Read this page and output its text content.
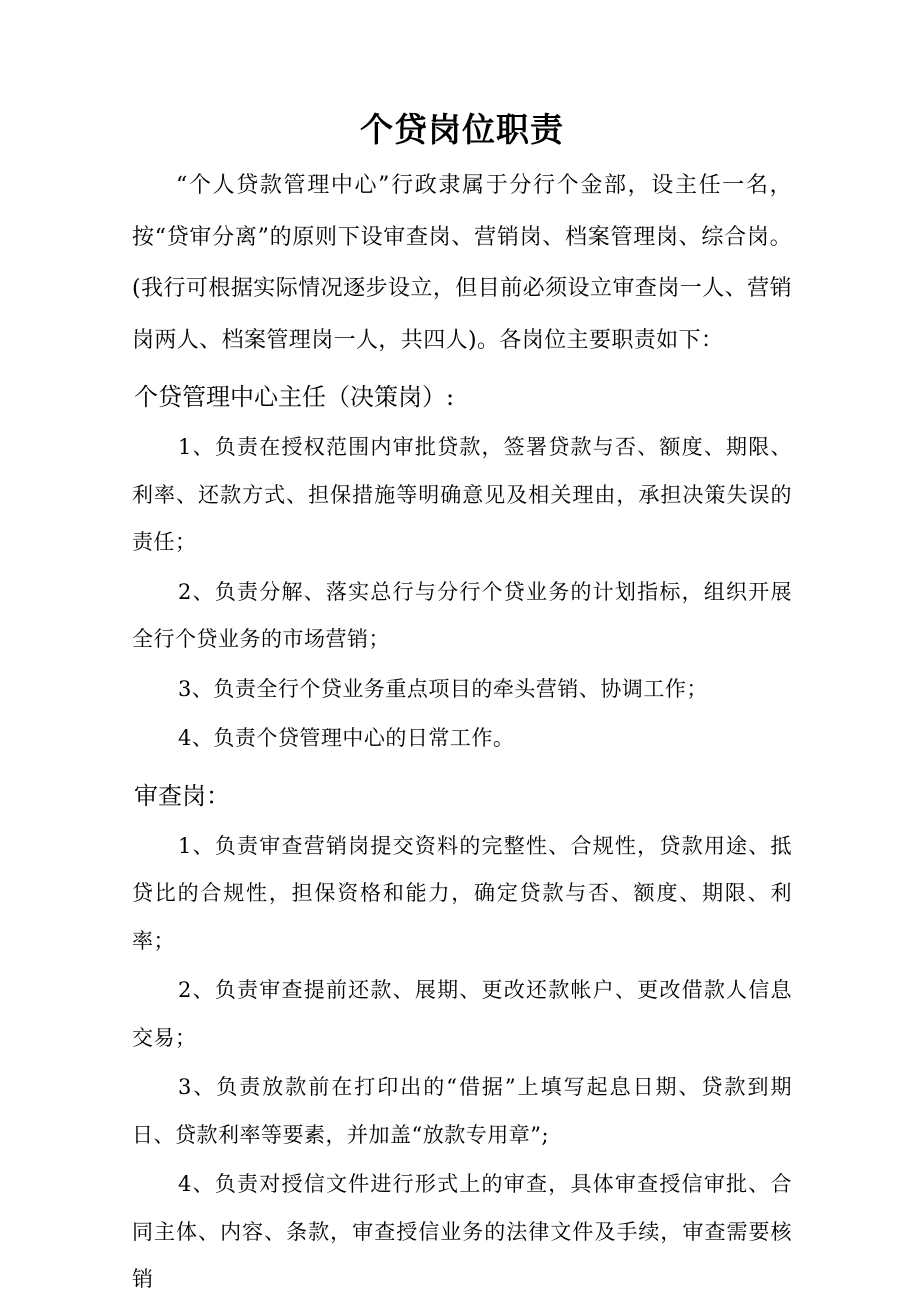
个贷岗位职责

“个人贷款管理中心”行政隶属于分行个金部，设主任一名，按“贷审分离”的原则下设审查岗、营销岗、档案管理岗、综合岗。(我行可根据实际情况逐步设立，但目前必须设立审查岗一人、营销岗两人、档案管理岗一人，共四人)。各岗位主要职责如下：

个贷管理中心主任（决策岗）:

1、负责在授权范围内审批贷款，签署贷款与否、额度、期限、利率、还款方式、担保措施等明确意见及相关理由，承担决策失误的责任；

2、负责分解、落实总行与分行个贷业务的计划指标，组织开展全行个贷业务的市场营销；

3、负责全行个贷业务重点项目的牵头营销、协调工作；

4、负责个贷管理中心的日常工作。

审查岗：

1、负责审查营销岗提交资料的完整性、合规性，贷款用途、抵贷比的合规性，担保资格和能力，确定贷款与否、额度、期限、利率；

2、负责审查提前还款、展期、更改还款帐户、更改借款人信息交易；

3、负责放款前在打印出的“借据”上填写起息日期、贷款到期日、贷款利率等要素，并加盖“放款专用章”;

4、负责对授信文件进行形式上的审查，具体审查授信审批、合同主体、内容、条款，审查授信业务的法律文件及手续，审查需要核销
